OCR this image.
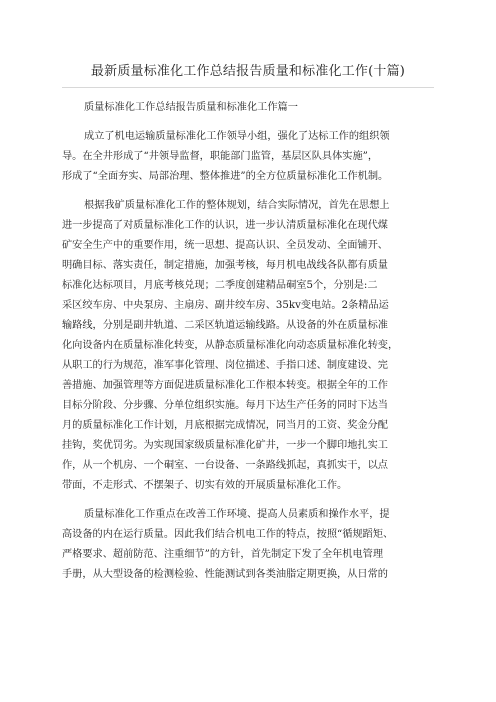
最新质量标准化工作总结报告质量和标准化工作(十篇)

质量标准化工作总结报告质量和标准化工作篇一

成立了机电运输质量标准化工作领导小组，强化了达标工作的组织领
导。在全井形成了“井领导监督，职能部门监管，基层区队具体实施”，
形成了“全面夯实、局部治理、整体推进”的全方位质量标准化工作机制。

根据我矿质量标准化工作的整体规划，结合实际情况，首先在思想上
进一步提高了对质量标准化工作的认识，进一步认清质量标准化在现代煤
矿安全生产中的重要作用，统一思想、提高认识、全员发动、全面铺开、
明确目标、落实责任，制定措施，加强考核，每月机电战线各队都有质量
标准化达标项目，月底考核兑现；二季度创建精品硐室5个，分别是:二
采区绞车房、中央泵房、主扇房、副井绞车房、35kv变电站。2条精品运
输路线，分别是副井轨道、二采区轨道运输线路。从设备的外在质量标准
化向设备内在质量标准化转变，从静态质量标准化向动态质量标准化转变，
从职工的行为规范，准军事化管理、岗位描述、手指口述、制度建设、完
善措施、加强管理等方面促进质量标准化工作根本转变。根据全年的工作
目标分阶段、分步骤、分单位组织实施。每月下达生产任务的同时下达当
月的质量标准化工作计划，月底根据完成情况，同当月的工资、奖金分配
挂钩，奖优罚劣。为实现国家级质量标准化矿井，一步一个脚印地扎实工
作，从一个机房、一个硐室、一台设备、一条路线抓起，真抓实干，以点
带面，不走形式、不摆架子、切实有效的开展质量标准化工作。

质量标准化工作重点在改善工作环境、提高人员素质和操作水平，提
高设备的内在运行质量。因此我们结合机电工作的特点，按照“循规蹈矩、
严格要求、超前防范、注重细节”的方针，首先制定下发了全年机电管理
手册，从大型设备的检测检验、性能测试到各类油脂定期更换，从日常的
